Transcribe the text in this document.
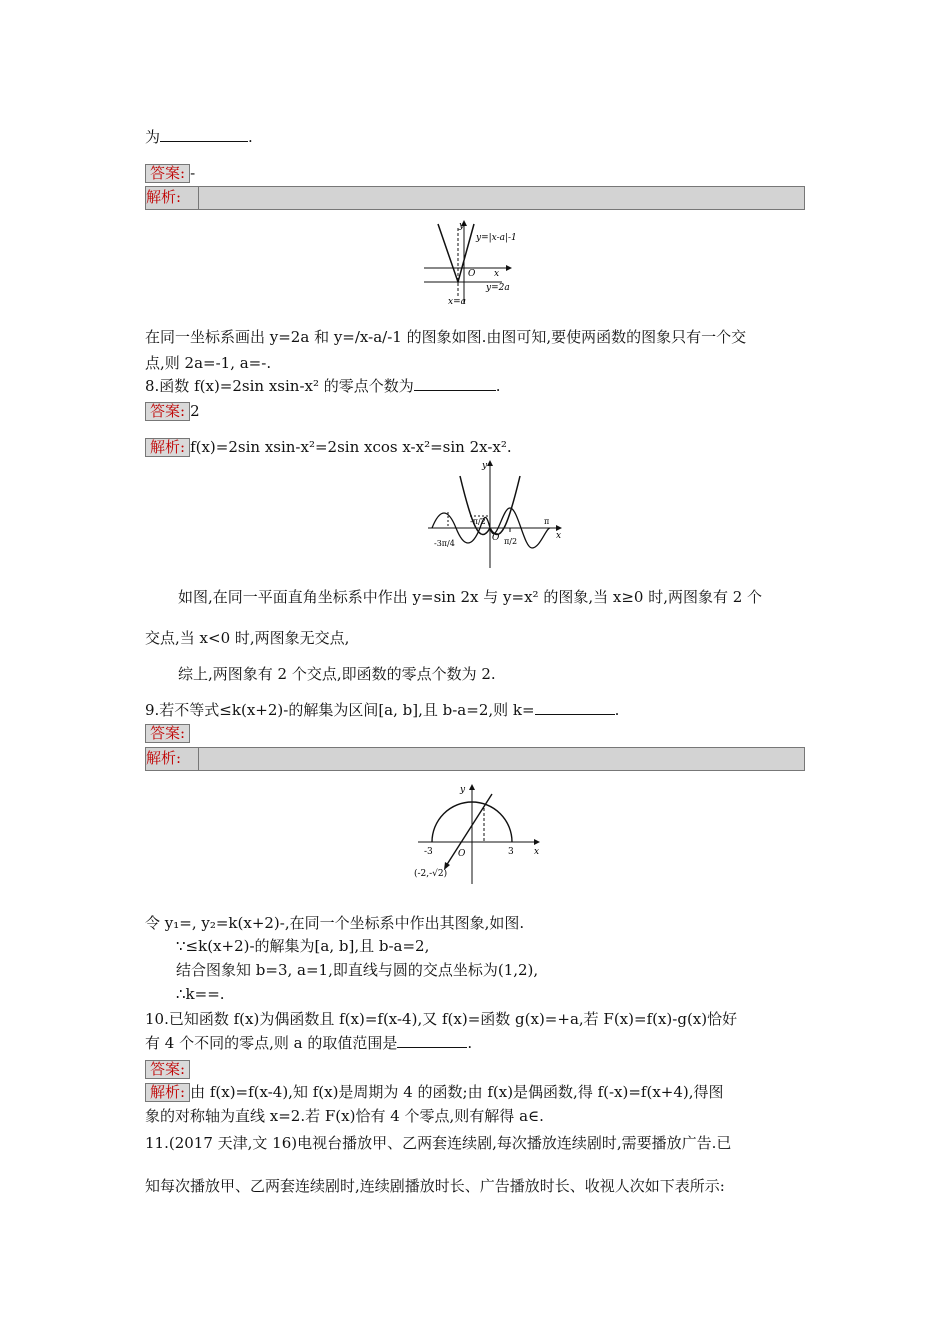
为	.
答案: -
解析:
y
y=|x-a|-1
O x
y=2a
x=a
在同一坐标系画出 y=2a 和 y=/x-a/-1 的图象如图.由图可知,要使两函数的图象只有一个交
点,则 2a=-1, a=-.
8.函数 f(x)=2sin xsin-x² 的零点个数为	.
答案: 2
解析: f(x)=2sin xsin-x²=2sin xcos x-x²=sin 2x-x².
y
x
O
-π/2
-3π/4	π/2
π
如图,在同一平面直角坐标系中作出 y=sin 2x 与 y=x² 的图象,当 x≥0 时,两图象有 2 个
交点,当 x<0 时,两图象无交点,
综上,两图象有 2 个交点,即函数的零点个数为 2.
9.若不等式≤k(x+2)-的解集为区间[a, b],且 b-a=2,则 k=	.
答案:
解析:
y
x
O
-3	3
(-2,-√2)
令 y₁=, y₂=k(x+2)-,在同一个坐标系中作出其图象,如图.
∵≤k(x+2)-的解集为[a, b],且 b-a=2,
结合图象知 b=3, a=1,即直线与圆的交点坐标为(1,2),
∴k==.
10.已知函数 f(x)为偶函数且 f(x)=f(x-4),又 f(x)=函数 g(x)=+a,若 F(x)=f(x)-g(x)恰好
有 4 个不同的零点,则 a 的取值范围是	.
答案:
解析: 由 f(x)=f(x-4),知 f(x)是周期为 4 的函数;由 f(x)是偶函数,得 f(-x)=f(x+4),得图
象的对称轴为直线 x=2.若 F(x)恰有 4 个零点,则有解得 a∈.
11.(2017 天津,文 16)电视台播放甲、乙两套连续剧,每次播放连续剧时,需要播放广告.已
知每次播放甲、乙两套连续剧时,连续剧播放时长、广告播放时长、收视人次如下表所示:
